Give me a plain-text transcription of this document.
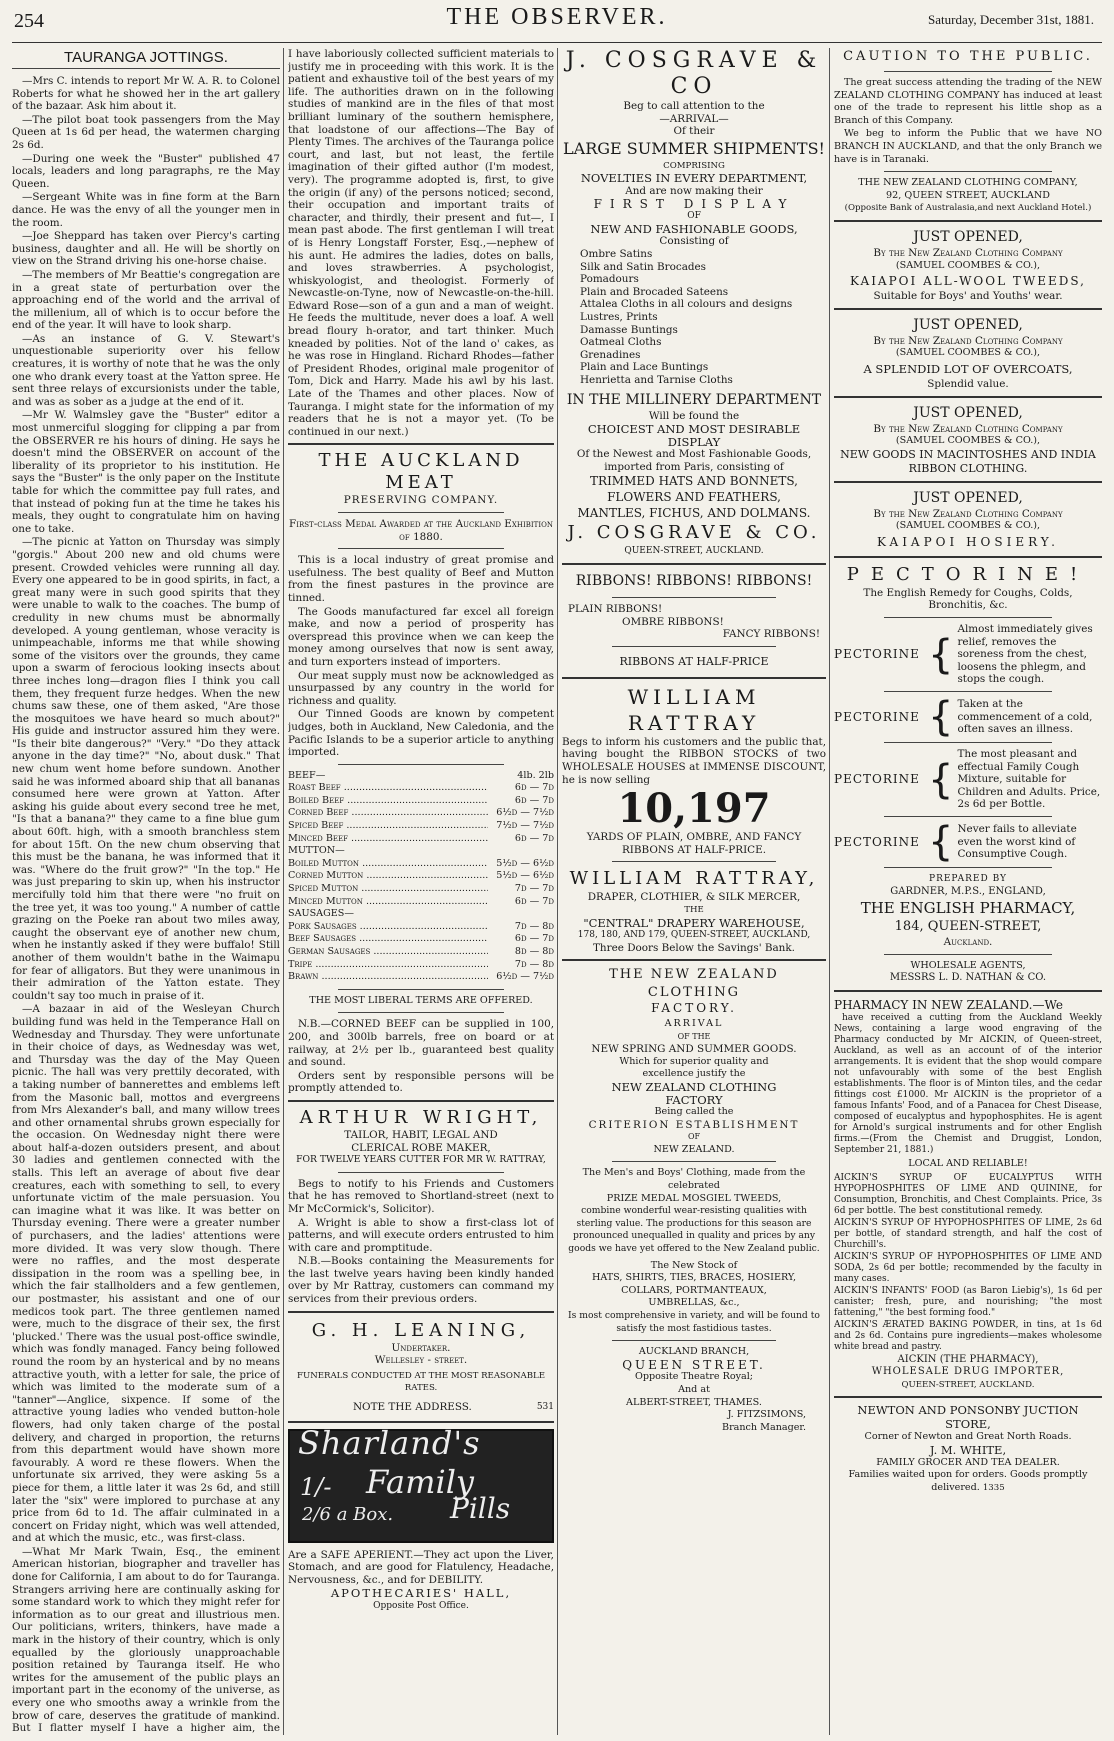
254	THE OBSERVER.	Saturday, December 31st, 1881.
TAURANGA JOTTINGS.

—Mrs C. intends to report Mr W. A. R. to Colonel Roberts for what he showed her in the art gallery of the bazaar. Ask him about it.

—The pilot boat took passengers from the May Queen at 1s 6d per head, the watermen charging 2s 6d.

—During one week the "Buster" published 47 locals, leaders and long paragraphs, re the May Queen.

—Sergeant White was in fine form at the Barn dance. He was the envy of all the younger men in the room.

—Joe Sheppard has taken over Piercy's carting business, daughter and all. He will be shortly on view on the Strand driving his one-horse chaise.

—The members of Mr Beattie's congregation are in a great state of perturbation over the approaching end of the world and the arrival of the millenium, all of which is to occur before the end of the year. It will have to look sharp.

—As an instance of G. V. Stewart's unquestionable superiority over his fellow creatures, it is worthy of note that he was the only one who drank every toast at the Yatton spree. He sent three relays of excursionists under the table, and was as sober as a judge at the end of it.

—Mr W. Walmsley gave the "Buster" editor a most unmerciful slogging for clipping a par from the OBSERVER re his hours of dining. He says he doesn't mind the OBSERVER on account of the liberality of its proprietor to his institution. He says the "Buster" is the only paper on the Institute table for which the committee pay full rates, and that instead of poking fun at the time he takes his meals, they ought to congratulate him on having one to take.

—The picnic at Yatton on Thursday was simply "gorgis." About 200 new and old chums were present. Crowded vehicles were running all day. Every one appeared to be in good spirits, in fact, a great many were in such good spirits that they were unable to walk to the coaches. The bump of credulity in new chums must be abnormally developed. A young gentleman, whose veracity is unimpeachable, informs me that while showing some of the visitors over the grounds, they came upon a swarm of ferocious looking insects about three inches long—dragon flies I think you call them, they frequent furze hedges. When the new chums saw these, one of them asked, "Are those the mosquitoes we have heard so much about?" His guide and instructor assured him they were. "Is their bite dangerous?" "Very." "Do they attack anyone in the day time?" "No, about dusk." That new chum went home before sundown. Another said he was informed aboard ship that all bananas consumed here were grown at Yatton. After asking his guide about every second tree he met, "Is that a banana?" they came to a fine blue gum about 60ft. high, with a smooth branchless stem for about 15ft. On the new chum observing that this must be the banana, he was informed that it was. "Where do the fruit grow?" "In the top." He was just preparing to skin up, when his instructor mercifully told him that there were "no fruit on the tree yet, it was too young." A number of cattle grazing on the Poeke ran about two miles away, caught the observant eye of another new chum, when he instantly asked if they were buffalo! Still another of them wouldn't bathe in the Waimapu for fear of alligators. But they were unanimous in their admiration of the Yatton estate. They couldn't say too much in praise of it.

—A bazaar in aid of the Wesleyan Church building fund was held in the Temperance Hall on Wednesday and Thursday. They were unfortunate in their choice of days, as Wednesday was wet, and Thursday was the day of the May Queen picnic. The hall was very prettily decorated, with a taking number of bannerettes and emblems left from the Masonic ball, mottos and evergreens from Mrs Alexander's ball, and many willow trees and other ornamental shrubs grown especially for the occasion. On Wednesday night there were about half-a-dozen outsiders present, and about 30 ladies and gentlemen connected with the stalls. This left an average of about five dear creatures, each with something to sell, to every unfortunate victim of the male persuasion. You can imagine what it was like. It was better on Thursday evening. There were a greater number of purchasers, and the ladies' attentions were more divided. It was very slow though. There were no raffles, and the most desperate dissipation in the room was a spelling bee, in which the fair stallholders and a few gentlemen, our postmaster, his assistant and one of our medicos took part. The three gentlemen named were, much to the disgrace of their sex, the first 'plucked.' There was the usual post-office swindle, which was fondly managed. Fancy being followed round the room by an hysterical and by no means attractive youth, with a letter for sale, the price of which was limited to the moderate sum of a "tanner"—Anglice, sixpence. If some of the attractive young ladies who vended button-hole flowers, had only taken charge of the postal delivery, and charged in proportion, the returns from this department would have shown more favourably. A word re these flowers. When the unfortunate six arrived, they were asking 5s a piece for them, a little later it was 2s 6d, and still later the "six" were implored to purchase at any price from 6d to 1d. The affair culminated in a concert on Friday night, which was well attended, and at which the music, etc., was first-class.

—What Mr Mark Twain, Esq., the eminent American historian, biographer and traveller has done for California, I am about to do for Tauranga. Strangers arriving here are continually asking for some standard work to which they might refer for information as to our great and illustrious men. Our politicians, writers, thinkers, have made a mark in the history of their country, which is only equalled by the gloriously unapproachable position retained by Tauranga itself. He who writes for the amusement of the public plays an important part in the economy of the universe, as every one who smooths away a wrinkle from the brow of care, deserves the gratitude of mankind. But I flatter myself I have a higher aim, the

I have laboriously collected sufficient materials to justify me in proceeding with this work. It is the patient and exhaustive toil of the best years of my life. The authorities drawn on in the following studies of mankind are in the files of that most brilliant luminary of the southern hemisphere, that loadstone of our affections—The Bay of Plenty Times. The archives of the Tauranga police court, and last, but not least, the fertile imagination of their gifted author (I'm modest, very). The programme adopted is, first, to give the origin (if any) of the persons noticed; second, their occupation and important traits of character, and thirdly, their present and fut—, I mean past abode. The first gentleman I will treat of is Henry Longstaff Forster, Esq.,—nephew of his aunt. He admires the ladies, dotes on balls, and loves strawberries. A psychologist, whiskyologist, and theologist. Formerly of Newcastle-on-Tyne, now of Newcastle-on-the-hill. Edward Rose—son of a gun and a man of weight. He feeds the multitude, never does a loaf. A well bread floury h-orator, and tart thinker. Much kneaded by polities. Not of the land o' cakes, as he was rose in Hingland. Richard Rhodes—father of President Rhodes, original male progenitor of Tom, Dick and Harry. Made his awl by his last. Late of the Thames and other places. Now of Tauranga. I might state for the information of my readers that he is not a mayor yet. (To be continued in our next.)

THE AUCKLAND MEAT
PRESERVING COMPANY.

First-class Medal Awarded at the Auckland Exhibition of 1880.

This is a local industry of great promise and usefulness. The best quality of Beef and Mutton from the finest pastures in the province are tinned.

The Goods manufactured far excel all foreign make, and now a period of prosperity has overspread this province when we can keep the money among ourselves that now is sent away, and turn exporters instead of importers.

Our meat supply must now be acknowledged as unsurpassed by any country in the world for richness and quality.

Our Tinned Goods are known by competent judges, both in Auckland, New Caledonia, and the Pacific Islands to be a superior article to anything imported.

BEEF—	4lb. 2lb
Roast Beef .....	6d — 7d
Boiled Beef .....	6d — 7d
Corned Beef .....	6½d — 7½d
Spiced Beef .....	7½d — 7½d
Minced Beef .....	6d — 7d
MUTTON—
Boiled Mutton .....	5½d — 6½d
Corned Mutton .....	5½d — 6½d
Spiced Mutton .....	7d — 7d
Minced Mutton .....	6d — 7d
SAUSAGES—
Pork Sausages .....	7d — 8d
Beef Sausages .....	6d — 7d
German Sausages .....	8d — 8d
Tripe .....	7d — 8d
Brawn .....	6½d — 7½d
THE MOST LIBERAL TERMS ARE OFFERED.

N.B.—CORNED BEEF can be supplied in 100, 200, and 300lb barrels, free on board or at railway, at 2½ per lb., guaranteed best quality and sound.

Orders sent by responsible persons will be promptly attended to.

ARTHUR WRIGHT,
TAILOR, HABIT, LEGAL AND
CLERICAL ROBE MAKER,
FOR TWELVE YEARS CUTTER FOR MR W. RATTRAY,

Begs to notify to his Friends and Customers that he has removed to Shortland-street (next to Mr McCormick's, Solicitor).

A. Wright is able to show a first-class lot of patterns, and will execute orders entrusted to him with care and promptitude.

N.B.—Books containing the Measurements for the last twelve years having been kindly handed over by Mr Rattray, customers can command my services from their previous orders.

G. H. LEANING,
Undertaker.
Wellesley - street.
FUNERALS CONDUCTED AT THE MOST REASONABLE RATES.
NOTE THE ADDRESS.	531
Sharland's
1/- Family
2/6 a Box. Pills

Are a SAFE APERIENT.—They act upon the Liver, Stomach, and are good for Flatulency, Headache, Nervousness, &c., and for DEBILITY.

APOTHECARIES' HALL,
Opposite Post Office.
J. COSGRAVE & CO
Beg to call attention to the
—ARRIVAL—
Of their
LARGE SUMMER SHIPMENTS!
COMPRISING
NOVELTIES IN EVERY DEPARTMENT,
And are now making their
FIRST DISPLAY
OF
NEW AND FASHIONABLE GOODS,
Consisting of
Ombre Satins
Silk and Satin Brocades
Pomadours
Plain and Brocaded Sateens
Attalea Cloths in all colours and designs
Lustres, Prints
Damasse Buntings
Oatmeal Cloths
Grenadines
Plain and Lace Buntings
Henrietta and Tarnise Cloths
IN THE MILLINERY DEPARTMENT
Will be found the
CHOICEST AND MOST DESIRABLE
DISPLAY
Of the Newest and Most Fashionable Goods, imported from Paris, consisting of
TRIMMED HATS AND BONNETS,
FLOWERS AND FEATHERS,
MANTLES, FICHUS, AND DOLMANS.
J. COSGRAVE & CO.
QUEEN-STREET, AUCKLAND.
RIBBONS! RIBBONS! RIBBONS!
PLAIN RIBBONS!
OMBRE RIBBONS!
FANCY RIBBONS!
RIBBONS AT HALF-PRICE
WILLIAM RATTRAY

Begs to inform his customers and the public that, having bought the RIBBON STOCKS of two WHOLESALE HOUSES at IMMENSE DISCOUNT, he is now selling

10,197
YARDS OF PLAIN, OMBRE, AND FANCY RIBBONS AT HALF-PRICE.
WILLIAM RATTRAY,
DRAPER, CLOTHIER, & SILK MERCER,
THE
"CENTRAL" DRAPERY WAREHOUSE,
178, 180, AND 179, QUEEN-STREET, AUCKLAND,
Three Doors Below the Savings' Bank.
THE NEW ZEALAND CLOTHING
FACTORY.
ARRIVAL
OF THE
NEW SPRING AND SUMMER GOODS.
Which for superior quality and
excellence justify the
NEW ZEALAND CLOTHING
FACTORY
Being called the
CRITERION ESTABLISHMENT
OF
NEW ZEALAND.
The Men's and Boys' Clothing, made from the celebrated
PRIZE MEDAL MOSGIEL TWEEDS,
combine wonderful wear-resisting qualities with sterling value. The productions for this season are pronounced unequalled in quality and prices by any goods we have yet offered to the New Zealand public.
The New Stock of
HATS, SHIRTS, TIES, BRACES, HOSIERY,
COLLARS, PORTMANTEAUX,
UMBRELLAS, &c.,
Is most comprehensive in variety, and will be found to satisfy the most fastidious tastes.
AUCKLAND BRANCH,
QUEEN STREET.
Opposite Theatre Royal;
And at
ALBERT-STREET, THAMES.
J. FITZSIMONS,
Branch Manager.
CAUTION TO THE PUBLIC.

The great success attending the trading of the NEW ZEALAND CLOTHING COMPANY has induced at least one of the trade to represent his little shop as a Branch of this Company.

We beg to inform the Public that we have NO BRANCH IN AUCKLAND, and that the only Branch we have is in Taranaki.

THE NEW ZEALAND CLOTHING COMPANY,
92, QUEEN STREET, AUCKLAND
(Opposite Bank of Australasia,and next Auckland Hotel.)
JUST OPENED,
By the New Zealand Clothing Company
(SAMUEL COOMBES & CO.),
KAIAPOI ALL-WOOL TWEEDS,
Suitable for Boys' and Youths' wear.
JUST OPENED,
By the New Zealand Clothing Company
(SAMUEL COOMBES & CO.),
A SPLENDID LOT OF OVERCOATS,
Splendid value.
JUST OPENED,
By the New Zealand Clothing Company
(SAMUEL COOMBES & CO.),
NEW GOODS IN MACINTOSHES AND INDIA RIBBON CLOTHING.
JUST OPENED,
By the New Zealand Clothing Company
(SAMUEL COOMBES & CO.),
KAIAPOI HOSIERY.
PECTORINE!
The English Remedy for Coughs, Colds, Bronchitis, &c.
PECTORINE {
Almost immediately gives relief, removes the soreness from the chest, loosens the phlegm, and stops the cough.
PECTORINE { Taken at the commencement of a cold, often saves an illness.
PECTORINE {
The most pleasant and effectual Family Cough Mixture, suitable for Children and Adults. Price, 2s 6d per Bottle.
PECTORINE { Never fails to alleviate even the worst kind of Consumptive Cough.
PREPARED BY
GARDNER, M.P.S., ENGLAND,
THE ENGLISH PHARMACY,
184, QUEEN-STREET,
Auckland.
WHOLESALE AGENTS,
MESSRS L. D. NATHAN & CO.
PHARMACY IN NEW ZEALAND.—We

have received a cutting from the Auckland Weekly News, containing a large wood engraving of the Pharmacy conducted by Mr AICKIN, of Queen-street, Auckland, as well as an account of of the interior arrangements. It is evident that the shop would compare not unfavourably with some of the best English establishments. The floor is of Minton tiles, and the cedar fittings cost £1000. Mr AICKIN is the proprietor of a famous Infants' Food, and of a Panacea for Chest Disease, composed of eucalyptus and hypophosphites. He is agent for Arnold's surgical instruments and for other English firms.—(From the Chemist and Druggist, London, September 21, 1881.)

LOCAL AND RELIABLE!

AICKIN'S SYRUP OF EUCALYPTUS WITH HYPOPHOSPHITES OF LIME AND QUININE, for Consumption, Bronchitis, and Chest Complaints. Price, 3s 6d per bottle. The best constitutional remedy.

AICKIN'S SYRUP OF HYPOPHOSPHITES OF LIME, 2s 6d per bottle, of standard strength, and half the cost of Churchill's.

AICKIN'S SYRUP OF HYPOPHOSPHITES OF LIME AND SODA, 2s 6d per bottle; recommended by the faculty in many cases.

AICKIN'S INFANTS' FOOD (as Baron Liebig's), 1s 6d per canister; fresh, pure, and nourishing; "the most fattening," "the best forming food."

AICKIN'S ÆRATED BAKING POWDER, in tins, at 1s 6d and 2s 6d. Contains pure ingredients—makes wholesome white bread and pastry.

AICKIN (THE PHARMACY),
WHOLESALE DRUG IMPORTER,
QUEEN-STREET, AUCKLAND.
NEWTON AND PONSONBY JUCTION STORE,
Corner of Newton and Great North Roads.
J. M. WHITE,
FAMILY GROCER AND TEA DEALER.
Families waited upon for orders. Goods promptly delivered. 1335
